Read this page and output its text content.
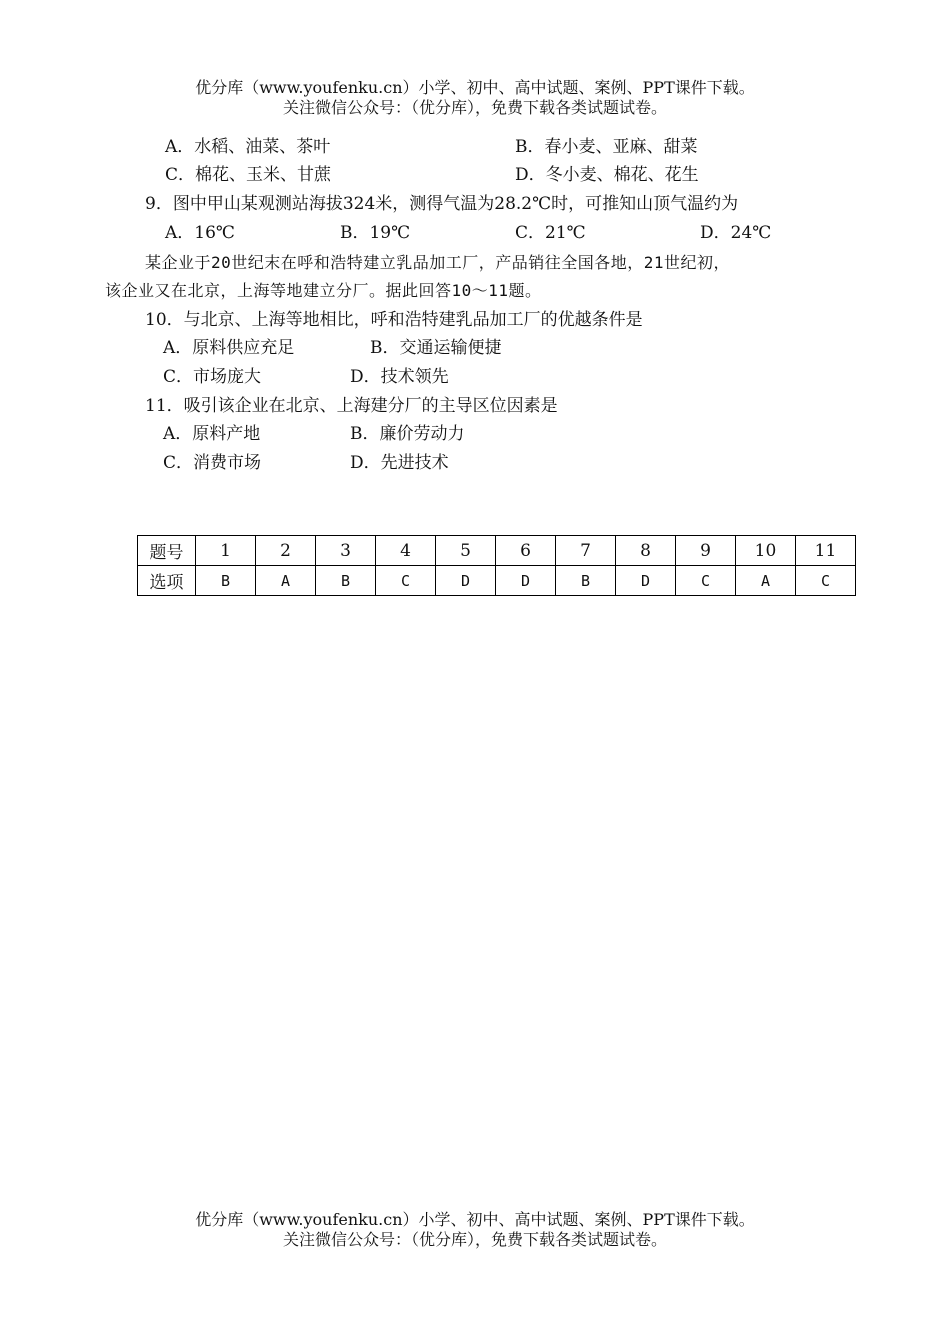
优分库（www.youfenku.cn）小学、初中、高中试题、案例、PPT课件下载。
关注微信公众号：（优分库），免费下载各类试题试卷。
A．水稻、油菜、茶叶	B．春小麦、亚麻、甜菜
C．棉花、玉米、甘蔗	D．冬小麦、棉花、花生
9．图中甲山某观测站海拔324米，测得气温为28.2℃时，可推知山顶气温约为
A．16℃	B．19℃	C．21℃	D．24℃
某企业于20世纪末在呼和浩特建立乳品加工厂，产品销往全国各地，21世纪初，
该企业又在北京，上海等地建立分厂。据此回答10～11题。
10．与北京、上海等地相比，呼和浩特建乳品加工厂的优越条件是
A．原料供应充足	B．交通运输便捷
C．市场庞大	D．技术领先
11．吸引该企业在北京、上海建分厂的主导区位因素是
A．原料产地	B．廉价劳动力
C．消费市场	D．先进技术
题号	1	2	3	4	5	6	7	8	9	10	11
选项	B	A	B	C	D	D	B	D	C	A	C
优分库（www.youfenku.cn）小学、初中、高中试题、案例、PPT课件下载。
关注微信公众号：（优分库），免费下载各类试题试卷。
